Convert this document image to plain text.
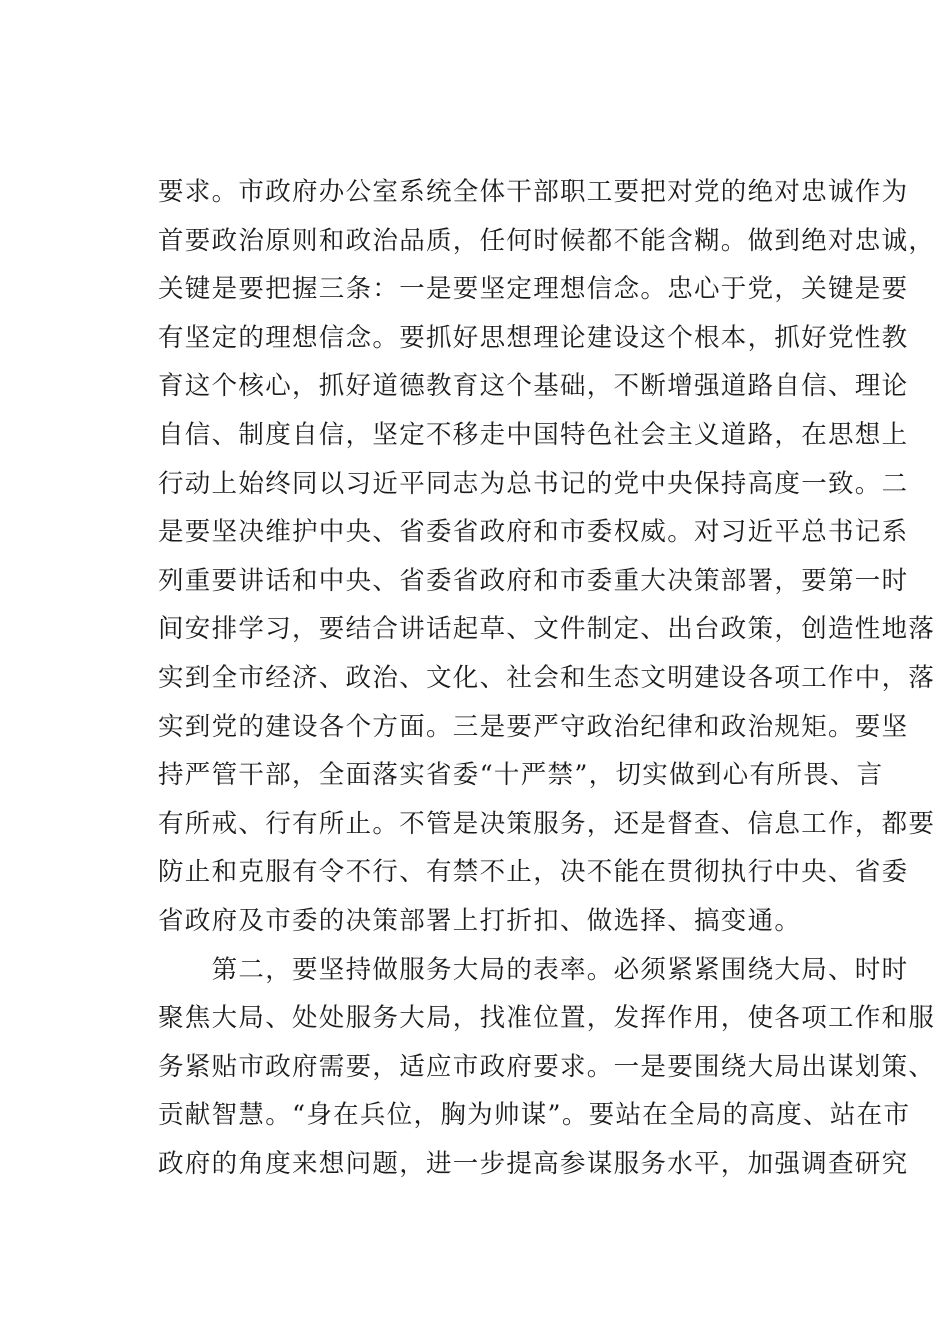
要求。市政府办公室系统全体干部职工要把对党的绝对忠诚作为
首要政治原则和政治品质，任何时候都不能含糊。做到绝对忠诚，
关键是要把握三条：一是要坚定理想信念。忠心于党，关键是要
有坚定的理想信念。要抓好思想理论建设这个根本，抓好党性教
育这个核心，抓好道德教育这个基础，不断增强道路自信、理论
自信、制度自信，坚定不移走中国特色社会主义道路，在思想上
行动上始终同以习近平同志为总书记的党中央保持高度一致。二
是要坚决维护中央、省委省政府和市委权威。对习近平总书记系
列重要讲话和中央、省委省政府和市委重大决策部署，要第一时
间安排学习，要结合讲话起草、文件制定、出台政策，创造性地落
实到全市经济、政治、文化、社会和生态文明建设各项工作中，落
实到党的建设各个方面。三是要严守政治纪律和政治规矩。要坚
持严管干部，全面落实省委“十严禁”，切实做到心有所畏、言
有所戒、行有所止。不管是决策服务，还是督查、信息工作，都要
防止和克服有令不行、有禁不止，决不能在贯彻执行中央、省委
省政府及市委的决策部署上打折扣、做选择、搞变通。
　　第二，要坚持做服务大局的表率。必须紧紧围绕大局、时时
聚焦大局、处处服务大局，找准位置，发挥作用，使各项工作和服
务紧贴市政府需要，适应市政府要求。一是要围绕大局出谋划策、
贡献智慧。“身在兵位，胸为帅谋”。要站在全局的高度、站在市
政府的角度来想问题，进一步提高参谋服务水平，加强调查研究
